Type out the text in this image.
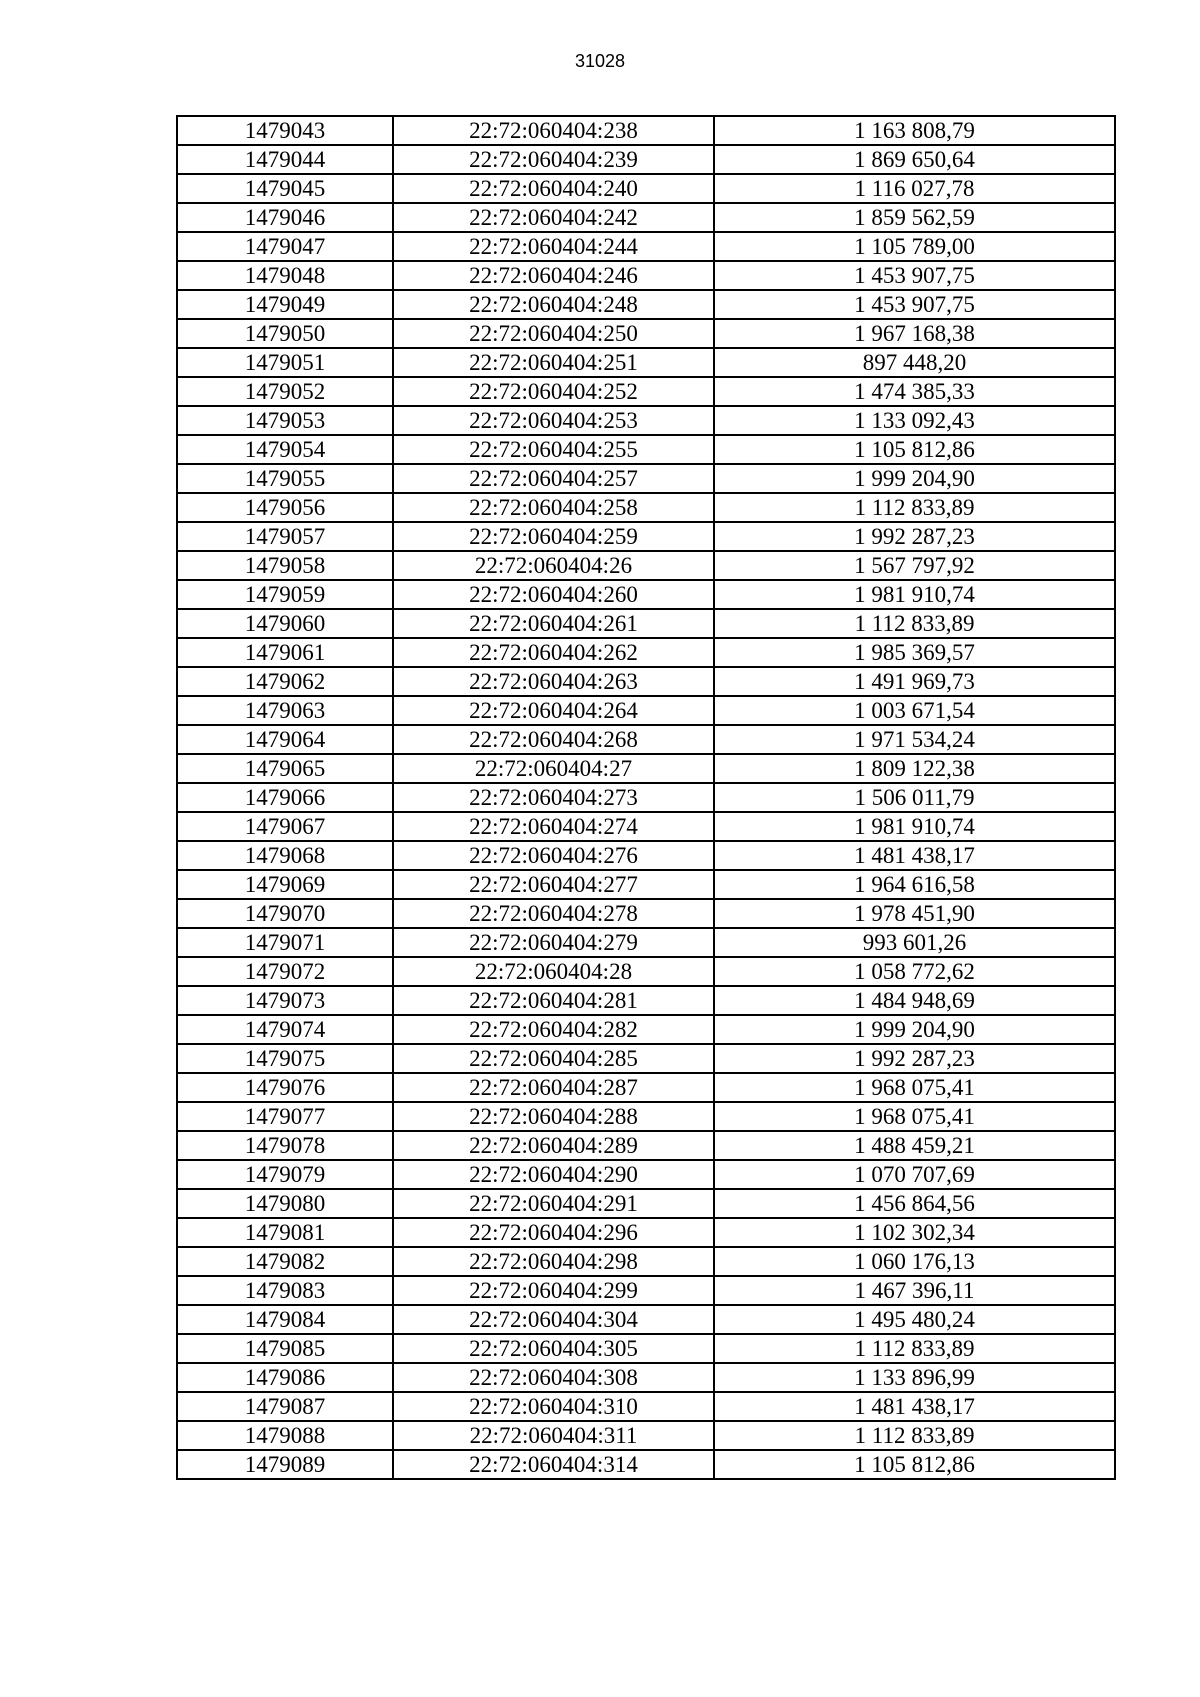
31028
1479043	22:72:060404:238	1 163 808,79
1479044	22:72:060404:239	1 869 650,64
1479045	22:72:060404:240	1 116 027,78
1479046	22:72:060404:242	1 859 562,59
1479047	22:72:060404:244	1 105 789,00
1479048	22:72:060404:246	1 453 907,75
1479049	22:72:060404:248	1 453 907,75
1479050	22:72:060404:250	1 967 168,38
1479051	22:72:060404:251	897 448,20
1479052	22:72:060404:252	1 474 385,33
1479053	22:72:060404:253	1 133 092,43
1479054	22:72:060404:255	1 105 812,86
1479055	22:72:060404:257	1 999 204,90
1479056	22:72:060404:258	1 112 833,89
1479057	22:72:060404:259	1 992 287,23
1479058	22:72:060404:26	1 567 797,92
1479059	22:72:060404:260	1 981 910,74
1479060	22:72:060404:261	1 112 833,89
1479061	22:72:060404:262	1 985 369,57
1479062	22:72:060404:263	1 491 969,73
1479063	22:72:060404:264	1 003 671,54
1479064	22:72:060404:268	1 971 534,24
1479065	22:72:060404:27	1 809 122,38
1479066	22:72:060404:273	1 506 011,79
1479067	22:72:060404:274	1 981 910,74
1479068	22:72:060404:276	1 481 438,17
1479069	22:72:060404:277	1 964 616,58
1479070	22:72:060404:278	1 978 451,90
1479071	22:72:060404:279	993 601,26
1479072	22:72:060404:28	1 058 772,62
1479073	22:72:060404:281	1 484 948,69
1479074	22:72:060404:282	1 999 204,90
1479075	22:72:060404:285	1 992 287,23
1479076	22:72:060404:287	1 968 075,41
1479077	22:72:060404:288	1 968 075,41
1479078	22:72:060404:289	1 488 459,21
1479079	22:72:060404:290	1 070 707,69
1479080	22:72:060404:291	1 456 864,56
1479081	22:72:060404:296	1 102 302,34
1479082	22:72:060404:298	1 060 176,13
1479083	22:72:060404:299	1 467 396,11
1479084	22:72:060404:304	1 495 480,24
1479085	22:72:060404:305	1 112 833,89
1479086	22:72:060404:308	1 133 896,99
1479087	22:72:060404:310	1 481 438,17
1479088	22:72:060404:311	1 112 833,89
1479089	22:72:060404:314	1 105 812,86
